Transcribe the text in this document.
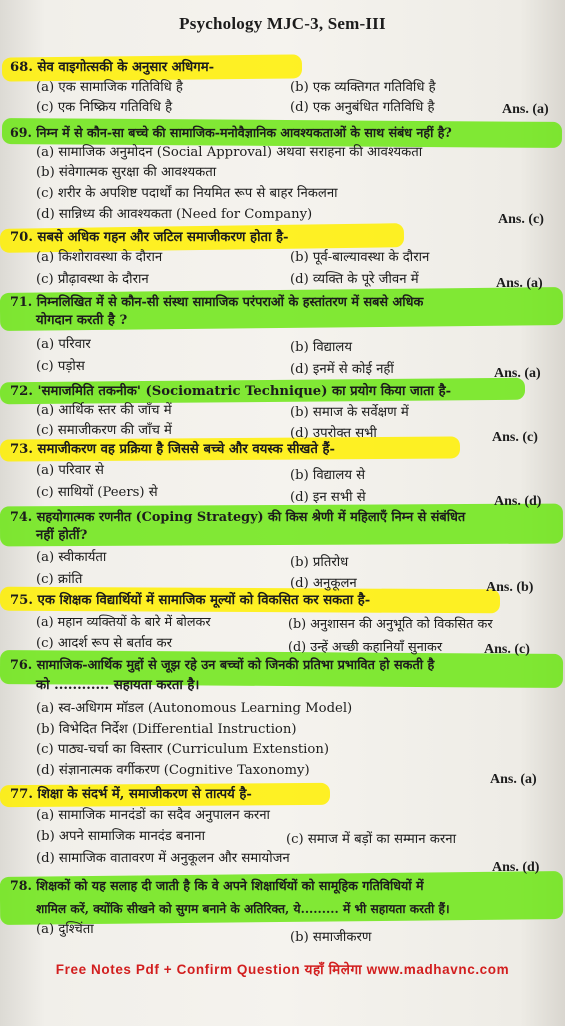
Psychology MJC-3, Sem-III
68. सेव वाइगोत्सकी के अनुसार अधिगम-
(a) एक सामाजिक गतिविधि है	(b) एक व्यक्तिगत गतिविधि है
(c) एक निष्क्रिय गतिविधि है	(d) एक अनुबंधित गतिविधि है	Ans. (a)
69. निम्न में से कौन-सा बच्चे की सामाजिक-मनोवैज्ञानिक आवश्यकताओं के साथ संबंध नहीं है?
(a) सामाजिक अनुमोदन (Social Approval) अथवा सराहना की आवश्यकता
(b) संवेगात्मक सुरक्षा की आवश्यकता
(c) शरीर के अपशिष्ट पदार्थों का नियमित रूप से बाहर निकलना
(d) सान्निध्य की आवश्यकता (Need for Company)	Ans. (c)
70. सबसे अधिक गहन और जटिल समाजीकरण होता है-
(a) किशोरावस्था के दौरान	(b) पूर्व-बाल्यावस्था के दौरान
(c) प्रौढ़ावस्था के दौरान	(d) व्यक्ति के पूरे जीवन में	Ans. (a)
71. निम्नलिखित में से कौन-सी संस्था सामाजिक परंपराओं के हस्तांतरण में सबसे अधिक
योगदान करती है ?
(a) परिवार	(b) विद्यालय
(c) पड़ोस	(d) इनमें से कोई नहीं	Ans. (a)
72. 'समाजमिति तकनीक' (Sociomatric Technique) का प्रयोग किया जाता है-
(a) आर्थिक स्तर की जाँच में	(b) समाज के सर्वेक्षण में
(c) समाजीकरण की जाँच में	(d) उपरोक्त सभी	Ans. (c)
73. समाजीकरण वह प्रक्रिया है जिससे बच्चे और वयस्क सीखते हैं-
(a) परिवार से	(b) विद्यालय से
(c) साथियों (Peers) से	(d) इन सभी से	Ans. (d)
74. सहयोगात्मक रणनीत (Coping Strategy) की किस श्रेणी में महिलाएँ निम्न से संबंधित
नहीं होतीं?
(a) स्वीकार्यता	(b) प्रतिरोध
(c) क्रांति	(d) अनुकूलन	Ans. (b)
75. एक शिक्षक विद्यार्थियों में सामाजिक मूल्यों को विकसित कर सकता है-
(a) महान व्यक्तियों के बारे में बोलकर	(b) अनुशासन की अनुभूति को विकसित कर
(c) आदर्श रूप से बर्ताव कर	(d) उन्हें अच्छी कहानियाँ सुनाकर	Ans. (c)
76. सामाजिक-आर्थिक मुद्दों से जूझ रहे उन बच्चों को जिनकी प्रतिभा प्रभावित हो सकती है
को ............ सहायता करता है।
(a) स्व-अधिगम मॉडल (Autonomous Learning Model)
(b) विभेदित निर्देश (Differential Instruction)
(c) पाठ्य-चर्चा का विस्तार (Curriculum Extenstion)
(d) संज्ञानात्मक वर्गीकरण (Cognitive Taxonomy)
Ans. (a)
77. शिक्षा के संदर्भ में, समाजीकरण से तात्पर्य है-
(a) सामाजिक मानदंडों का सदैव अनुपालन करना
(b) अपने सामाजिक मानदंड बनाना	(c) समाज में बड़ों का सम्मान करना
(d) सामाजिक वातावरण में अनुकूलन और समायोजन
Ans. (d)
78. शिक्षकों को यह सलाह दी जाती है कि वे अपने शिक्षार्थियों को सामूहिक गतिविधियों में
शामिल करें, क्योंकि सीखने को सुगम बनाने के अतिरिक्त, ये......... में भी सहायता करती हैं।
(a) दुश्चिंता
(b) समाजीकरण
Free Notes Pdf + Confirm Question यहाँ मिलेगा www.madhavnc.com
